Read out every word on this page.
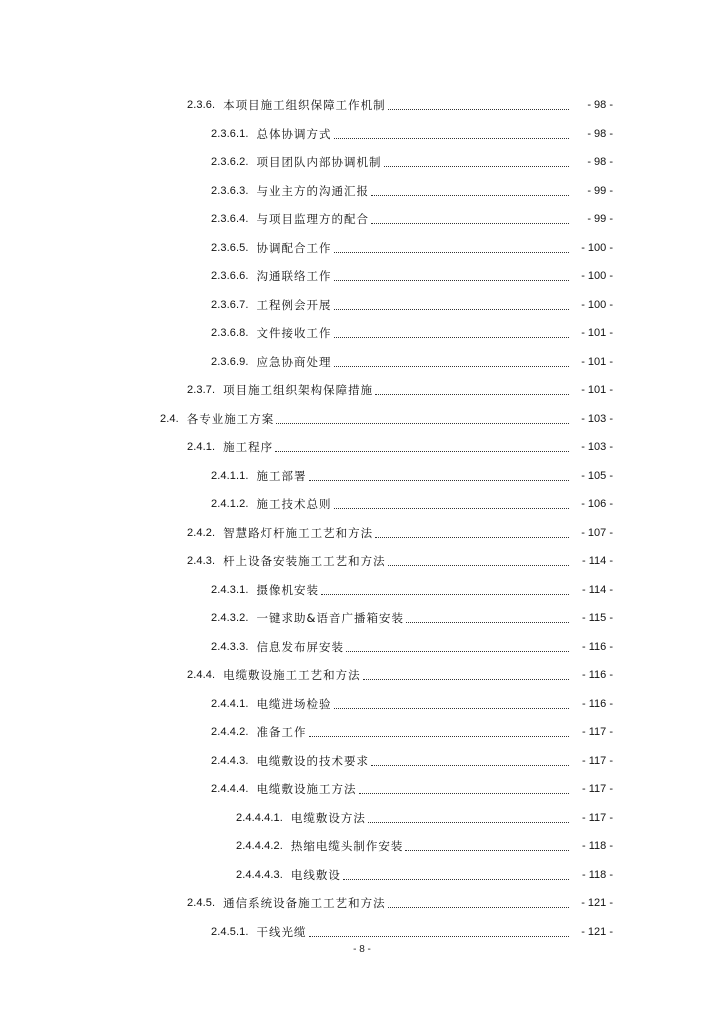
2.3.6. 本项目施工组织保障工作机制	- 98 -
2.3.6.1. 总体协调方式	- 98 -
2.3.6.2. 项目团队内部协调机制	- 98 -
2.3.6.3. 与业主方的沟通汇报	- 99 -
2.3.6.4. 与项目监理方的配合	- 99 -
2.3.6.5. 协调配合工作	- 100 -
2.3.6.6. 沟通联络工作	- 100 -
2.3.6.7. 工程例会开展	- 100 -
2.3.6.8. 文件接收工作	- 101 -
2.3.6.9. 应急协商处理	- 101 -
2.3.7. 项目施工组织架构保障措施	- 101 -
2.4. 各专业施工方案	- 103 -
2.4.1. 施工程序	- 103 -
2.4.1.1. 施工部署	- 105 -
2.4.1.2. 施工技术总则	- 106 -
2.4.2. 智慧路灯杆施工工艺和方法	- 107 -
2.4.3. 杆上设备安装施工工艺和方法	- 114 -
2.4.3.1. 摄像机安装	- 114 -
2.4.3.2. 一键求助&语音广播箱安装	- 115 -
2.4.3.3. 信息发布屏安装	- 116 -
2.4.4. 电缆敷设施工工艺和方法	- 116 -
2.4.4.1. 电缆进场检验	- 116 -
2.4.4.2. 准备工作	- 117 -
2.4.4.3. 电缆敷设的技术要求	- 117 -
2.4.4.4. 电缆敷设施工方法	- 117 -
2.4.4.4.1. 电缆敷设方法	- 117 -
2.4.4.4.2. 热缩电缆头制作安装	- 118 -
2.4.4.4.3. 电线敷设	- 118 -
2.4.5. 通信系统设备施工工艺和方法	- 121 -
2.4.5.1. 干线光缆	- 121 -
- 8 -
